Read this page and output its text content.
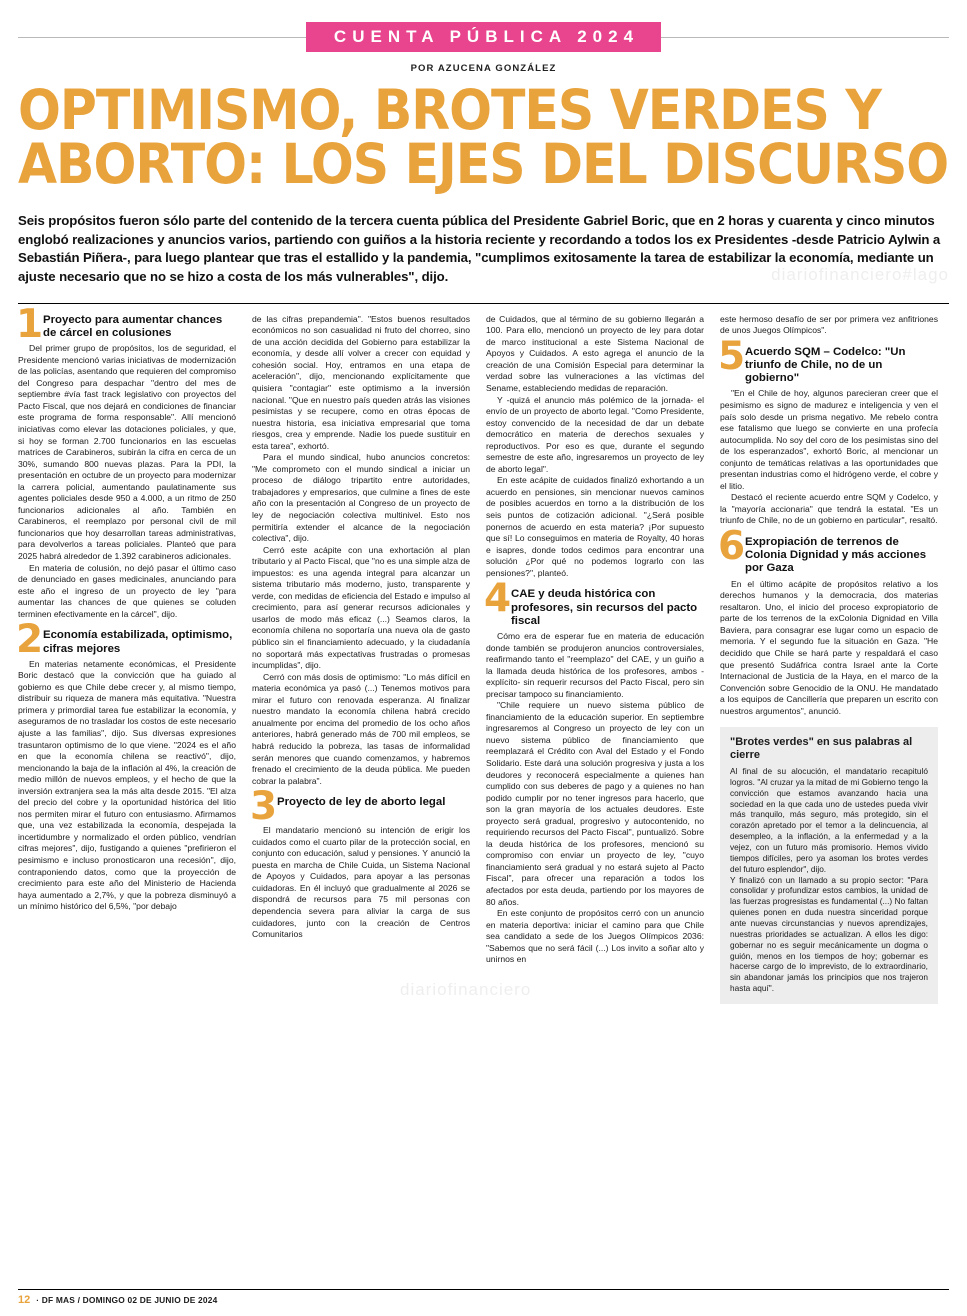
CUENTA PÚBLICA 2024
POR AZUCENA GONZÁLEZ
OPTIMISMO, BROTES VERDES Y
ABORTO: LOS EJES DEL DISCURSO
Seis propósitos fueron sólo parte del contenido de la tercera cuenta pública del Presidente Gabriel Boric, que en 2 horas y cuarenta y cinco minutos englobó realizaciones y anuncios varios, partiendo con guiños a la historia reciente y recordando a todos los ex Presidentes -desde Patricio Aylwin a Sebastián Piñera-, para luego plantear que tras el estallido y la pandemia, "cumplimos exitosamente la tarea de estabilizar la economía, mediante un ajuste necesario que no se hizo a costa de los más vulnerables", dijo.	diariofinanciero#lago
diariofinanciero
1 Proyecto para aumentar chances de cárcel en colusiones

Del primer grupo de propósitos, los de seguridad, el Presidente mencionó varias iniciativas de modernización de las policías, asentando que requieren del compromiso del Congreso para despachar "dentro del mes de septiembre #vía fast track legislativo con proyectos del Pacto Fiscal, que nos dejará en condiciones de financiar este programa de forma responsable". Allí mencionó iniciativas como elevar las dotaciones policiales, y que, si hoy se forman 2.700 funcionarios en las escuelas matrices de Carabineros, subirán la cifra en cerca de un 30%, sumando 800 nuevas plazas. Para la PDI, la presentación en octubre de un proyecto para modernizar la carrera policial, aumentando paulatinamente sus agentes policiales desde 950 a 4.000, a un ritmo de 250 funcionarios adicionales al año. También en Carabineros, el reemplazo por personal civil de mil funcionarios que hoy desarrollan tareas administrativas, para devolverlos a tareas policiales. Planteó que para 2025 habrá alrededor de 1.392 carabineros adicionales.

En materia de colusión, no dejó pasar el último caso de denunciado en gases medicinales, anunciando para este año el ingreso de un proyecto de ley "para aumentar las chances de que quienes se coluden terminen efectivamente en la cárcel", dijo.

2 Economía estabilizada, optimismo, cifras mejores

En materias netamente económicas, el Presidente Boric destacó que la convicción que ha guiado al gobierno es que Chile debe crecer y, al mismo tiempo, distribuir su riqueza de manera más equitativa. "Nuestra primera y primordial tarea fue estabilizar la economía, y aseguramos de no trasladar los costos de este necesario ajuste a las familias", dijo. Sus diversas expresiones trasuntaron optimismo de lo que viene. "2024 es el año en que la economía chilena se reactivó", dijo, mencionando la baja de la inflación al 4%, la creación de medio millón de nuevos empleos, y el hecho de que la inversión extranjera sea la más alta desde 2015. "El alza del precio del cobre y la oportunidad histórica del litio nos permiten mirar el futuro con entusiasmo. Afirmamos que, una vez estabilizada la economía, despejada la incertidumbre y normalizado el orden público, vendrían cifras mejores", dijo, fustigando a quienes "prefirieron el pesimismo e incluso pronosticaron una recesión", dijo, contraponiendo datos, como que la proyección de crecimiento para este año del Ministerio de Hacienda haya aumentado a 2,7%, y que la pobreza disminuyó a un mínimo histórico del 6,5%, "por debajo

de las cifras prepandemia". "Estos buenos resultados económicos no son casualidad ni fruto del chorreo, sino de una acción decidida del Gobierno para estabilizar la economía, y desde allí volver a crecer con equidad y cohesión social. Hoy, entramos en una etapa de aceleración", dijo, mencionando explícitamente que quisiera "contagiar" este optimismo a la inversión nacional. "Que en nuestro país queden atrás las visiones pesimistas y se recupere, como en otras épocas de nuestra historia, esa iniciativa empresarial que toma riesgos, crea y emprende. Nadie los puede sustituir en esta tarea", exhortó.

Para el mundo sindical, hubo anuncios concretos: "Me comprometo con el mundo sindical a iniciar un proceso de diálogo tripartito entre autoridades, trabajadores y empresarios, que culmine a fines de este año con la presentación al Congreso de un proyecto de ley de negociación colectiva multinivel. Esto nos permitiría extender el alcance de la negociación colectiva", dijo.

Cerró este acápite con una exhortación al plan tributario y al Pacto Fiscal, que "no es una simple alza de impuestos: es una agenda integral para alcanzar un sistema tributario más moderno, justo, transparente y verde, con medidas de eficiencia del Estado e impulso al crecimiento, para así generar recursos adicionales y usarlos de modo más eficaz (...) Seamos claros, la economía chilena no soportaría una nueva ola de gasto público sin el financiamiento adecuado, y la ciudadanía no soportará más expectativas frustradas o promesas incumplidas", dijo.

Cerró con más dosis de optimismo: "Lo más difícil en materia económica ya pasó (...) Tenemos motivos para mirar el futuro con renovada esperanza. Al finalizar nuestro mandato la economía chilena habrá crecido anualmente por encima del promedio de los ocho años anteriores, habrá generado más de 700 mil empleos, se habrá reducido la pobreza, las tasas de informalidad serán menores que cuando comenzamos, y habremos frenado el crecimiento de la deuda pública. Me pueden cobrar la palabra".

3 Proyecto de ley de aborto legal

El mandatario mencionó su intención de erigir los cuidados como el cuarto pilar de la protección social, en conjunto con educación, salud y pensiones. Y anunció la puesta en marcha de Chile Cuida, un Sistema Nacional de Apoyos y Cuidados, para apoyar a las personas cuidadoras. En él incluyó que gradualmente al 2026 se dispondrá de recursos para 75 mil personas con dependencia severa para aliviar la carga de sus cuidadores, junto con la creación de Centros Comunitarios

de Cuidados, que al término de su gobierno llegarán a 100. Para ello, mencionó un proyecto de ley para dotar de marco institucional a este Sistema Nacional de Apoyos y Cuidados. A esto agrega el anuncio de la creación de una Comisión Especial para determinar la verdad sobre las vulneraciones a las víctimas del Sename, estableciendo medidas de reparación.

Y -quizá el anuncio más polémico de la jornada- el envío de un proyecto de aborto legal. "Como Presidente, estoy convencido de la necesidad de dar un debate democrático en materia de derechos sexuales y reproductivos. Por eso es que, durante el segundo semestre de este año, ingresaremos un proyecto de ley de aborto legal".

En este acápite de cuidados finalizó exhortando a un acuerdo en pensiones, sin mencionar nuevos caminos de posibles acuerdos en torno a la distribución de los seis puntos de cotización adicional. "¿Será posible ponernos de acuerdo en esta materia? ¡Por supuesto que sí! Lo conseguimos en materia de Royalty, 40 horas e isapres, donde todos cedimos para encontrar una solución ¿Por qué no podemos lograrlo con las pensiones?", planteó.

4 CAE y deuda histórica con profesores, sin recursos del pacto fiscal

Cómo era de esperar fue en materia de educación donde también se produjeron anuncios controversiales, reafirmando tanto el "reemplazo" del CAE, y un guiño a la llamada deuda histórica de los profesores, ambos -explícito- sin requerir recursos del Pacto Fiscal, pero sin precisar tampoco su financiamiento.

"Chile requiere un nuevo sistema público de financiamiento de la educación superior. En septiembre ingresaremos al Congreso un proyecto de ley con un nuevo sistema público de financiamiento que reemplazará el Crédito con Aval del Estado y el Fondo Solidario. Este dará una solución progresiva y justa a los deudores y reconocerá especialmente a quienes han cumplido con sus deberes de pago y a quienes no han podido cumplir por no tener ingresos para hacerlo, que son la gran mayoría de los actuales deudores. Este proyecto será gradual, progresivo y autocontenido, no requiriendo recursos del Pacto Fiscal", puntualizó. Sobre la deuda histórica de los profesores, mencionó su compromiso con enviar un proyecto de ley, "cuyo financiamiento será gradual y no estará sujeto al Pacto Fiscal", para ofrecer una reparación a todos los afectados por esta deuda, partiendo por los mayores de 80 años.

En este conjunto de propósitos cerró con un anuncio en materia deportiva: iniciar el camino para que Chile sea candidato a sede de los Juegos Olímpicos 2036: "Sabemos que no será fácil (...) Los invito a soñar alto y unirnos en

este hermoso desafío de ser por primera vez anfitriones de unos Juegos Olímpicos".

5 Acuerdo SQM – Codelco: "Un triunfo de Chile, no de un gobierno"

"En el Chile de hoy, algunos parecieran creer que el pesimismo es signo de madurez e inteligencia y ven el país solo desde un prisma negativo. Me rebelo contra ese fatalismo que luego se convierte en una profecía autocumplida. No soy del coro de los pesimistas sino del de los esperanzados", exhortó Boric, al mencionar un conjunto de temáticas relativas a las oportunidades que presentan industrias como el hidrógeno verde, el cobre y el litio.

Destacó el reciente acuerdo entre SQM y Codelco, y la "mayoría accionaria" que tendrá la estatal. "Es un triunfo de Chile, no de un gobierno en particular", resaltó.

6 Expropiación de terrenos de Colonia Dignidad y más acciones por Gaza

En el último acápite de propósitos relativo a los derechos humanos y la democracia, dos materias resaltaron. Uno, el inicio del proceso expropiatorio de parte de los terrenos de la exColonia Dignidad en Villa Baviera, para consagrar ese lugar como un espacio de memoria. Y el segundo fue la situación en Gaza. "He decidido que Chile se hará parte y respaldará el caso que presentó Sudáfrica contra Israel ante la Corte Internacional de Justicia de la Haya, en el marco de la Convención sobre Genocidio de la ONU. He mandatado a los equipos de Cancillería que preparen un escrito con nuestros argumentos", anunció.

"Brotes verdes" en sus palabras al cierre

Al final de su alocución, el mandatario recapituló logros. "Al cruzar ya la mitad de mi Gobierno tengo la convicción que estamos avanzando hacia una sociedad en la que cada uno de ustedes pueda vivir más tranquilo, más seguro, más protegido, sin el corazón apretado por el temor a la delincuencia, al desempleo, a la inflación, a la enfermedad y a la vejez, con un futuro más promisorio. Hemos vivido tiempos difíciles, pero ya asoman los brotes verdes del futuro esplendor", dijo.

Y finalizó con un llamado a su propio sector: "Para consolidar y profundizar estos cambios, la unidad de las fuerzas progresistas es fundamental (...) No faltan quienes ponen en duda nuestra sinceridad porque ante nuevas circunstancias y nuevos aprendizajes, nuestras prioridades se actualizan. A ellos les digo: gobernar no es seguir mecánicamente un dogma o guión, menos en los tiempos de hoy; gobernar es hacerse cargo de lo imprevisto, de lo extraordinario, sin abandonar jamás los principios que nos trajeron hasta aquí".

12 · DF MAS / DOMINGO 02 DE JUNIO DE 2024
